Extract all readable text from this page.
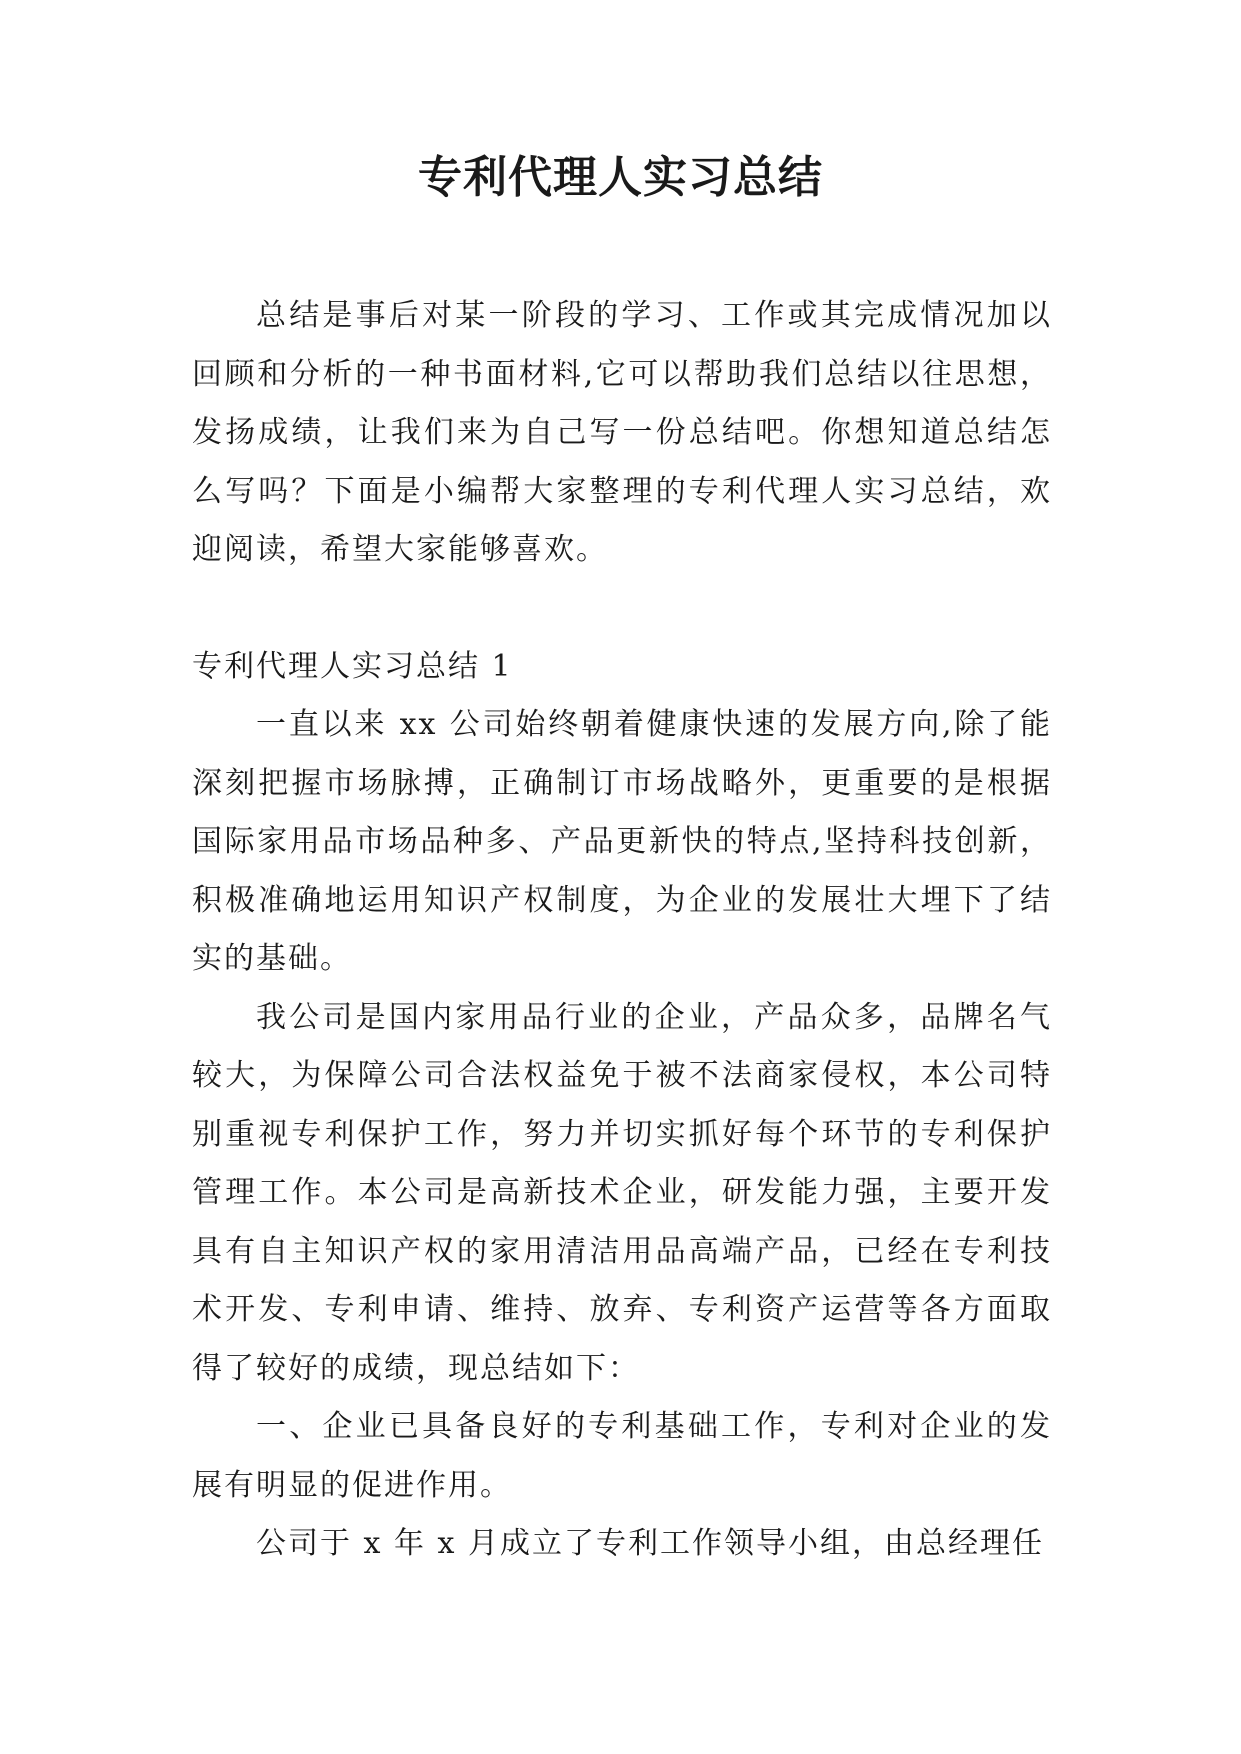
专利代理人实习总结

总结是事后对某一阶段的学习、工作或其完成情况加以回顾和分析的一种书面材料,它可以帮助我们总结以往思想，发扬成绩，让我们来为自己写一份总结吧。你想知道总结怎么写吗？下面是小编帮大家整理的专利代理人实习总结，欢迎阅读，希望大家能够喜欢。

专利代理人实习总结 1

一直以来 xx 公司始终朝着健康快速的发展方向,除了能深刻把握市场脉搏，正确制订市场战略外，更重要的是根据国际家用品市场品种多、产品更新快的特点,坚持科技创新，积极准确地运用知识产权制度，为企业的发展壮大埋下了结实的基础。

我公司是国内家用品行业的企业，产品众多，品牌名气较大，为保障公司合法权益免于被不法商家侵权，本公司特别重视专利保护工作，努力并切实抓好每个环节的专利保护管理工作。本公司是高新技术企业，研发能力强，主要开发具有自主知识产权的家用清洁用品高端产品，已经在专利技术开发、专利申请、维持、放弃、专利资产运营等各方面取得了较好的成绩，现总结如下：

一、企业已具备良好的专利基础工作，专利对企业的发展有明显的促进作用。

公司于 x 年 x 月成立了专利工作领导小组，由总经理任
